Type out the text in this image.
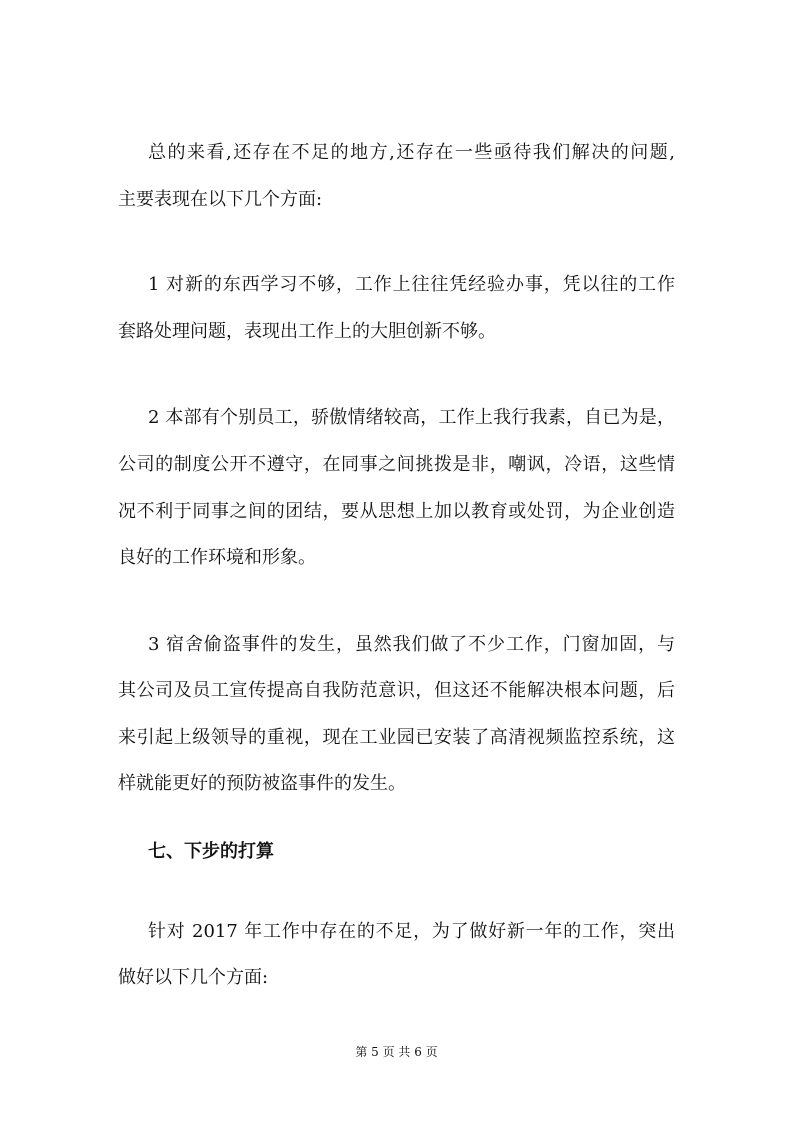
总的来看,还存在不足的地方,还存在一些亟待我们解决的问题,
主要表现在以下几个方面:
1 对新的东西学习不够，工作上往往凭经验办事，凭以往的工作
套路处理问题，表现出工作上的大胆创新不够。
2 本部有个别员工，骄傲情绪较高，工作上我行我素，自已为是，
公司的制度公开不遵守，在同事之间挑拨是非，嘲讽，冷语，这些情
况不利于同事之间的团结，要从思想上加以教育或处罚，为企业创造
良好的工作环境和形象。
3 宿舍偷盗事件的发生，虽然我们做了不少工作，门窗加固，与
其公司及员工宣传提高自我防范意识，但这还不能解决根本问题，后
来引起上级领导的重视，现在工业园已安装了高清视频监控系统，这
样就能更好的预防被盗事件的发生。
七、下步的打算
针对 2017 年工作中存在的不足，为了做好新一年的工作，突出
做好以下几个方面:
第 5 页 共 6 页
